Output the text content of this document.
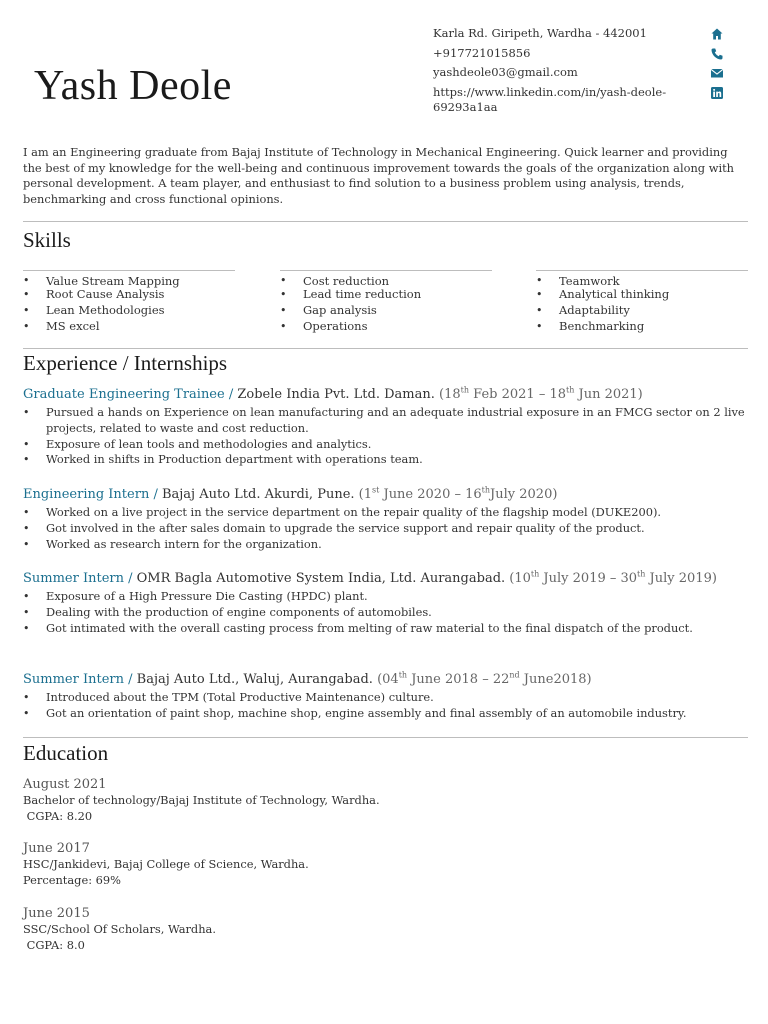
Yash Deole
Karla Rd. Giripeth, Wardha - 442001
+917721015856
yashdeole03@gmail.com
https://www.linkedin.com/in/yash-deole-69293a1aa

I am an Engineering graduate from Bajaj Institute of Technology in Mechanical Engineering. Quick learner and providing the best of my knowledge for the well-being and continuous improvement towards the goals of the organization along with personal development. A team player, and enthusiast to find solution to a business problem using analysis, trends, benchmarking and cross functional opinions.

Skills
• Value Stream Mapping
• Root Cause Analysis
• Lean Methodologies
• MS excel
• Cost reduction
• Lead time reduction
• Gap analysis
• Operations
• Teamwork
• Analytical thinking
• Adaptability
• Benchmarking
Experience / Internships
Graduate Engineering Trainee / Zobele India Pvt. Ltd. Daman. (18th Feb 2021 – 18th Jun 2021)
• Pursued a hands on Experience on lean manufacturing and an adequate industrial exposure in an FMCG sector on 2 live projects, related to waste and cost reduction.
• Exposure of lean tools and methodologies and analytics.
• Worked in shifts in Production department with operations team.
Engineering Intern / Bajaj Auto Ltd. Akurdi, Pune. (1st June 2020 – 16thJuly 2020)
• Worked on a live project in the service department on the repair quality of the flagship model (DUKE200).
• Got involved in the after sales domain to upgrade the service support and repair quality of the product.
• Worked as research intern for the organization.
Summer Intern / OMR Bagla Automotive System India, Ltd. Aurangabad. (10th July 2019 – 30th July 2019)
• Exposure of a High Pressure Die Casting (HPDC) plant.
• Dealing with the production of engine components of automobiles.
• Got intimated with the overall casting process from melting of raw material to the final dispatch of the product.
Summer Intern / Bajaj Auto Ltd., Waluj, Aurangabad. (04th June 2018 – 22nd June2018)
• Introduced about the TPM (Total Productive Maintenance) culture.
• Got an orientation of paint shop, machine shop, engine assembly and final assembly of an automobile industry.
Education
August 2021
Bachelor of technology/Bajaj Institute of Technology, Wardha.
CGPA: 8.20
June 2017
HSC/Jankidevi, Bajaj College of Science, Wardha.
Percentage: 69%
June 2015
SSC/School Of Scholars, Wardha.
CGPA: 8.0
